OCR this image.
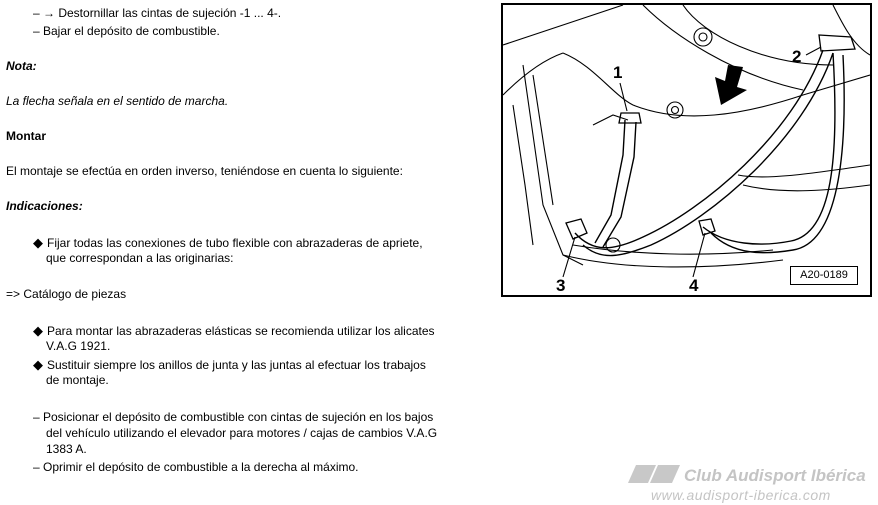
– → Destornillar las cintas de sujeción -1 ... 4-.
– Bajar el depósito de combustible.
Nota:
La flecha señala en el sentido de marcha.
Montar
El montaje se efectúa en orden inverso, teniéndose en cuenta lo siguiente:
Indicaciones:
◆ Fijar todas las conexiones de tubo flexible con abrazaderas de apriete,
que correspondan a las originarias:
=> Catálogo de piezas
◆ Para montar las abrazaderas elásticas se recomienda utilizar los alicates
V.A.G 1921.
◆ Sustituir siempre los anillos de junta y las juntas al efectuar los trabajos
de montaje.
– Posicionar el depósito de combustible con cintas de sujeción en los bajos
del vehículo utilizando el elevador para motores / cajas de cambios V.A.G
1383 A.
– Oprimir el depósito de combustible a la derecha al máximo.
1
2
3	4
A20-0189
Club Audisport Ibérica
www.audisport-iberica.com
